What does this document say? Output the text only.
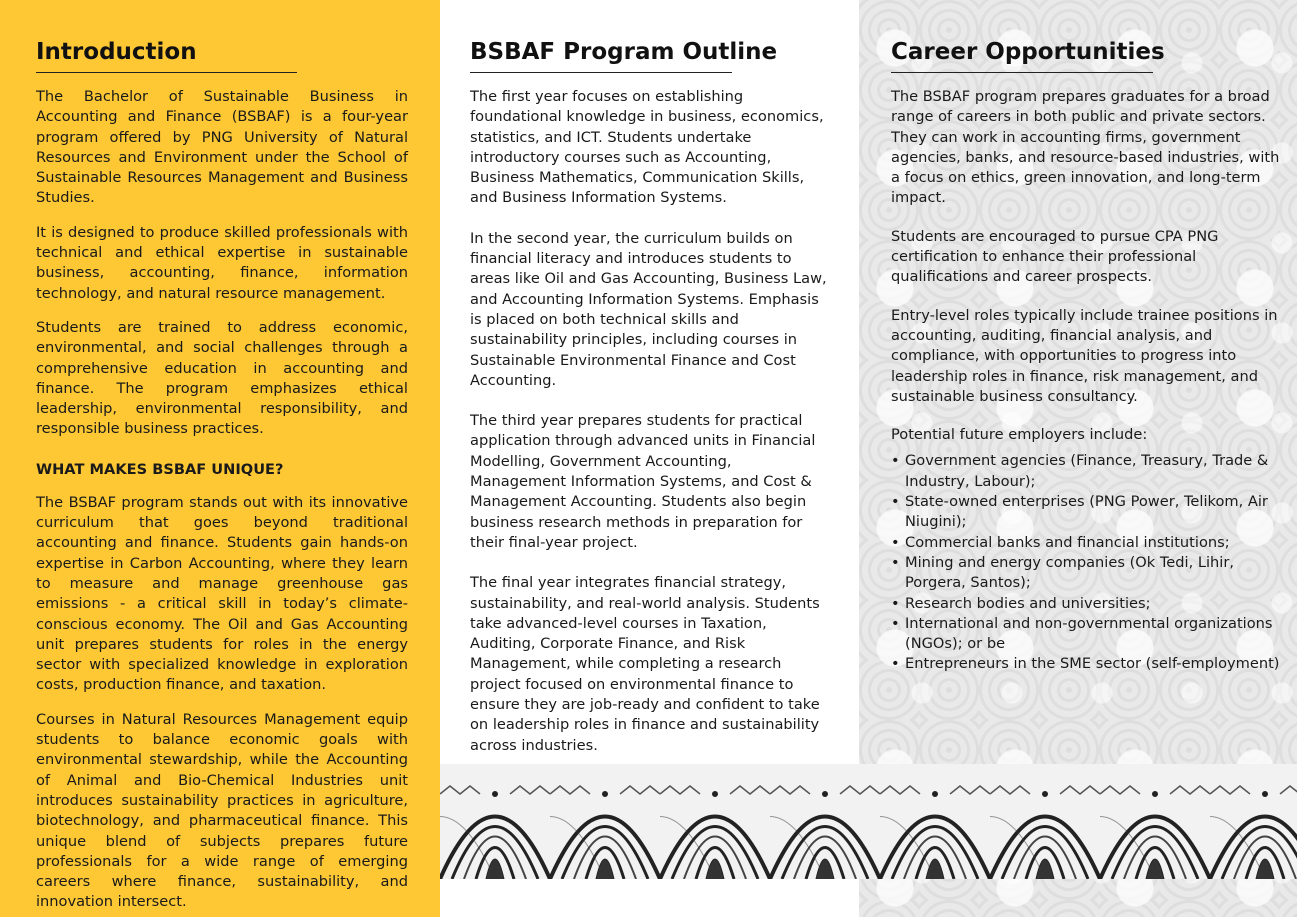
Introduction

The Bachelor of Sustainable Business in Accounting and Finance (BSBAF) is a four-year program offered by PNG University of Natural Resources and Environment under the School of Sustainable Resources Management and Business Studies.

It is designed to produce skilled professionals with technical and ethical expertise in sustainable business, accounting, finance, information technology, and natural resource management.

Students are trained to address economic, environmental, and social challenges through a comprehensive education in accounting and finance. The program emphasizes ethical leadership, environmental responsibility, and responsible business practices.

WHAT MAKES BSBAF UNIQUE?

The BSBAF program stands out with its innovative curriculum that goes beyond traditional accounting and finance. Students gain hands-on expertise in Carbon Accounting, where they learn to measure and manage greenhouse gas emissions - a critical skill in today’s climate-conscious economy. The Oil and Gas Accounting unit prepares students for roles in the energy sector with specialized knowledge in exploration costs, production finance, and taxation.

Courses in Natural Resources Management equip students to balance economic goals with environmental stewardship, while the Accounting of Animal and Bio-Chemical Industries unit introduces sustainability practices in agriculture, biotechnology, and pharmaceutical finance. This unique blend of subjects prepares future professionals for a wide range of emerging careers where finance, sustainability, and innovation intersect.

BSBAF Program Outline

The first year focuses on establishing foundational knowledge in business, economics, statistics, and ICT. Students undertake introductory courses such as Accounting, Business Mathematics, Communication Skills, and Business Information Systems.

In the second year, the curriculum builds on financial literacy and introduces students to areas like Oil and Gas Accounting, Business Law, and Accounting Information Systems. Emphasis is placed on both technical skills and sustainability principles, including courses in Sustainable Environmental Finance and Cost Accounting.

The third year prepares students for practical application through advanced units in Financial Modelling, Government Accounting, Management Information Systems, and Cost & Management Accounting. Students also begin business research methods in preparation for their final-year project.

The final year integrates financial strategy, sustainability, and real-world analysis. Students take advanced-level courses in Taxation, Auditing, Corporate Finance, and Risk Management, while completing a research project focused on environmental finance to ensure they are job-ready and confident to take on leadership roles in finance and sustainability across industries.

Career Opportunities

The BSBAF program prepares graduates for a broad range of careers in both public and private sectors. They can work in accounting firms, government agencies, banks, and resource-based industries, with a focus on ethics, green innovation, and long-term impact.

Students are encouraged to pursue CPA PNG certification to enhance their professional qualifications and career prospects.

Entry-level roles typically include trainee positions in accounting, auditing, financial analysis, and compliance, with opportunities to progress into leadership roles in finance, risk management, and sustainable business consultancy.

Potential future employers include:

• Government agencies (Finance, Treasury, Trade & Industry, Labour);
• State-owned enterprises (PNG Power, Telikom, Air Niugini);
• Commercial banks and financial institutions;
• Mining and energy companies (Ok Tedi, Lihir, Porgera, Santos);
• Research bodies and universities;
• International and non-governmental organizations (NGOs); or be
• Entrepreneurs in the SME sector (self-employment)
